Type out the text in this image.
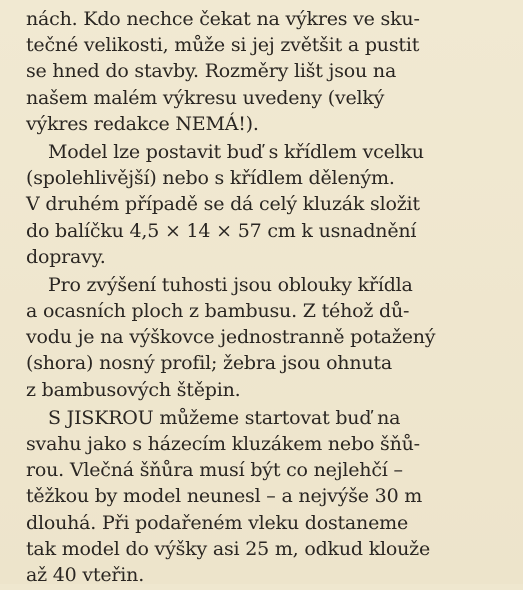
nách. Kdo nechce čekat na výkres ve sku-
tečné velikosti, může si jej zvětšit a pustit
se hned do stavby. Rozměry lišt jsou na
našem malém výkresu uvedeny (velký
výkres redakce NEMÁ!).
Model lze postavit buď s křídlem vcelku
(spolehlivější) nebo s křídlem děleným.
V druhém případě se dá celý kluzák složit
do balíčku 4,5 × 14 × 57 cm k usnadnění
dopravy.
Pro zvýšení tuhosti jsou oblouky křídla
a ocasních ploch z bambusu. Z téhož dů-
vodu je na výškovce jednostranně potažený
(shora) nosný profil; žebra jsou ohnuta
z bambusových štěpin.
S JISKROU můžeme startovat buď na
svahu jako s házecím kluzákem nebo šňů-
rou. Vlečná šňůra musí být co nejlehčí –
těžkou by model neunesl – a nejvýše 30 m
dlouhá. Při podařeném vleku dostaneme
tak model do výšky asi 25 m, odkud klouže
až 40 vteřin.
